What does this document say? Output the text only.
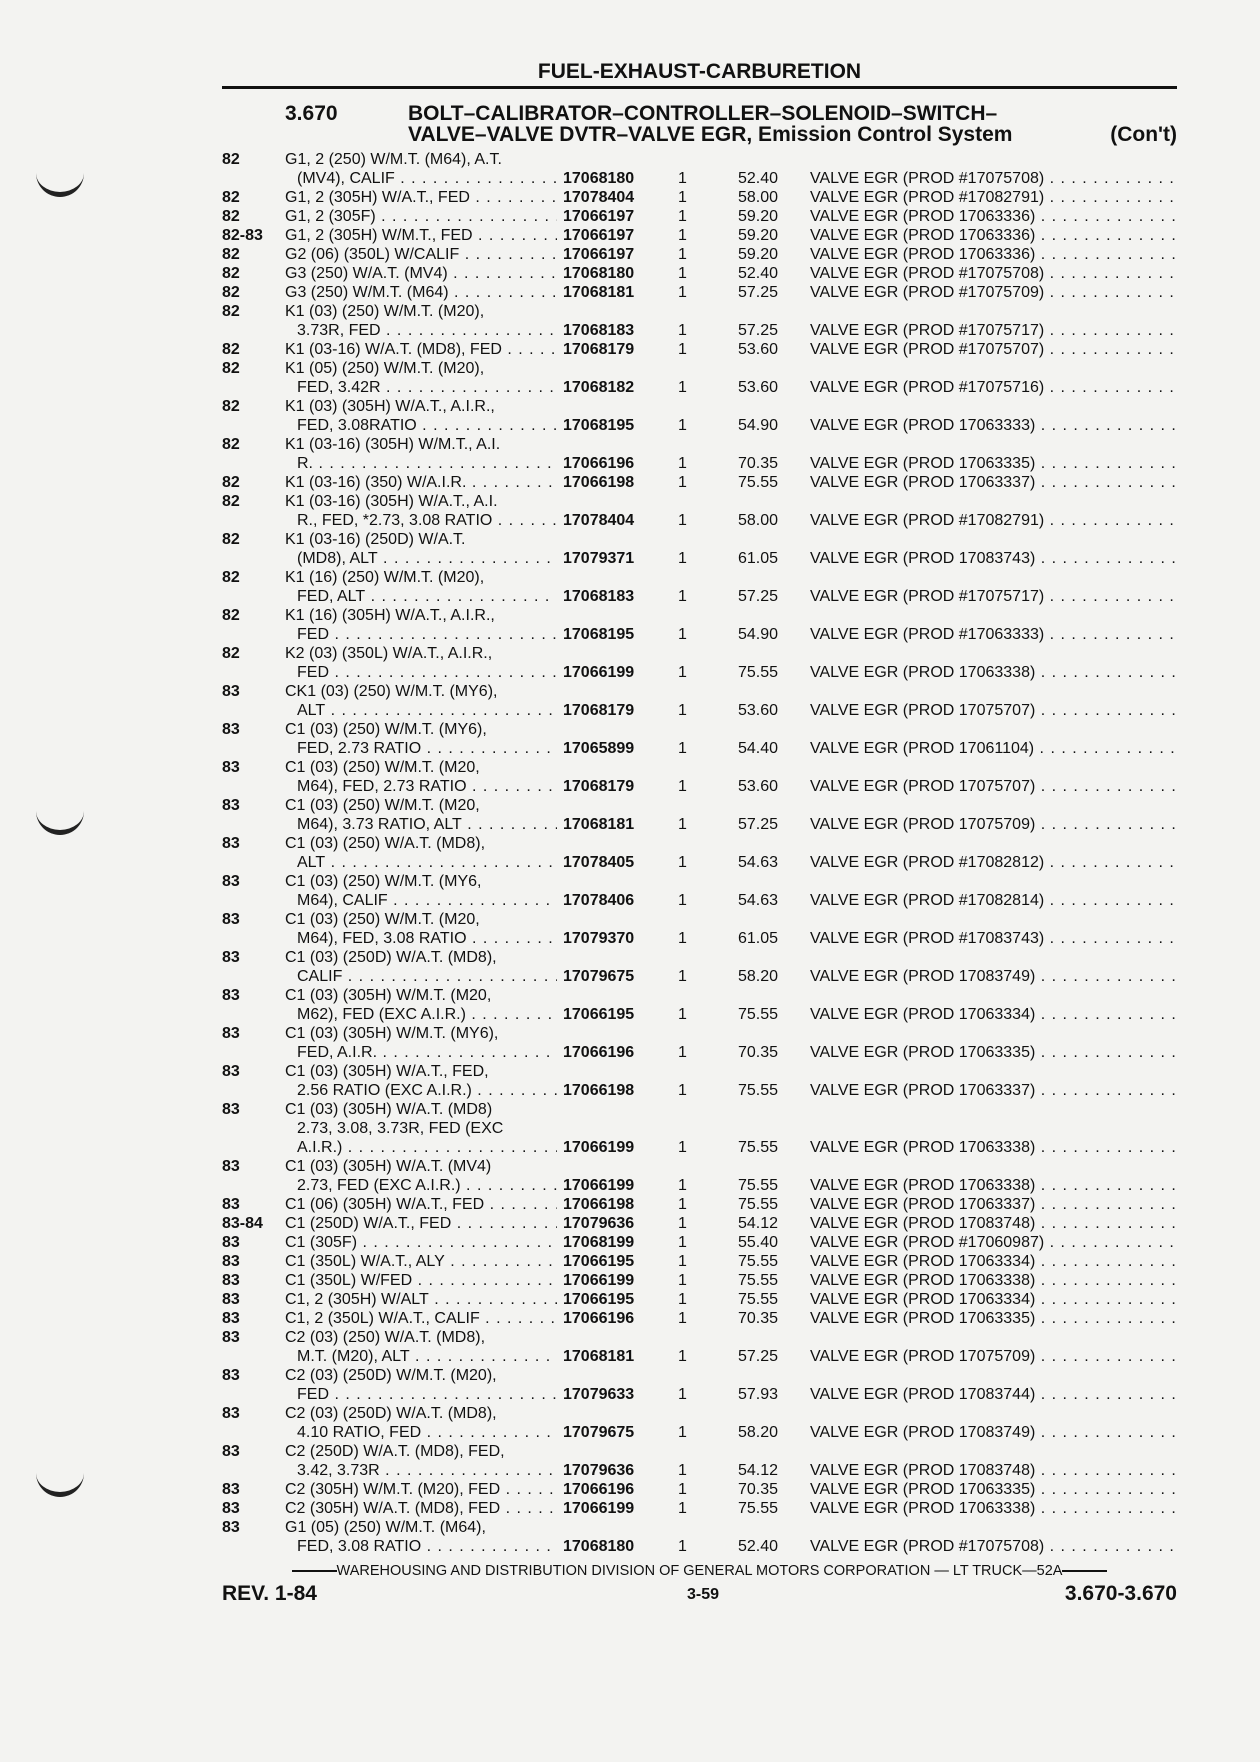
FUEL-EXHAUST-CARBURETION
3.670	BOLT–CALIBRATOR–CONTROLLER–SOLENOID–SWITCH–
VALVE–VALVE DVTR–VALVE EGR, Emission Control System	(Con't)
82	G1, 2 (250) W/M.T. (M64), A.T.
(MV4), CALIF . . .	17068180	1	52.40 VALVE EGR (PROD #17075708) . . .
82	G1, 2 (305H) W/A.T., FED . . .	17078404	1	58.00 VALVE EGR (PROD #17082791) . . .
82	G1, 2 (305F) . . .	17066197	1	59.20 VALVE EGR (PROD 17063336) . . .
82-83 G1, 2 (305H) W/M.T., FED . . .	17066197	1	59.20 VALVE EGR (PROD 17063336) . . .
82	G2 (06) (350L) W/CALIF . . .	17066197	1	59.20 VALVE EGR (PROD 17063336) . . .
82	G3 (250) W/A.T. (MV4) . . .	17068180	1	52.40 VALVE EGR (PROD #17075708) . . .
82	G3 (250) W/M.T. (M64) . . .	17068181	1	57.25 VALVE EGR (PROD #17075709) . . .
82	K1 (03) (250) W/M.T. (M20),
3.73R, FED . . .	17068183	1	57.25 VALVE EGR (PROD #17075717) . . .
82	K1 (03-16) W/A.T. (MD8), FED . . .	17068179	1	53.60 VALVE EGR (PROD #17075707) . . .
82	K1 (05) (250) W/M.T. (M20),
FED, 3.42R . . .	17068182	1	53.60 VALVE EGR (PROD #17075716) . . .
82	K1 (03) (305H) W/A.T., A.I.R.,
FED, 3.08RATIO . . .	17068195	1	54.90 VALVE EGR (PROD 17063333) . . .
82	K1 (03-16) (305H) W/M.T., A.I.
R. . . .	17066196	1	70.35 VALVE EGR (PROD 17063335) . . .
82	K1 (03-16) (350) W/A.I.R. . . .	17066198	1	75.55 VALVE EGR (PROD 17063337) . . .
82	K1 (03-16) (305H) W/A.T., A.I.
R., FED, *2.73, 3.08 RATIO . . .	17078404	1	58.00 VALVE EGR (PROD #17082791) . . .
82	K1 (03-16) (250D) W/A.T.
(MD8), ALT . . .	17079371	1	61.05 VALVE EGR (PROD 17083743) . . .
82	K1 (16) (250) W/M.T. (M20),
FED, ALT . . .	17068183	1	57.25 VALVE EGR (PROD #17075717) . . .
82	K1 (16) (305H) W/A.T., A.I.R.,
FED . . .	17068195	1	54.90 VALVE EGR (PROD #17063333) . . .
82	K2 (03) (350L) W/A.T., A.I.R.,
FED . . .	17066199	1	75.55 VALVE EGR (PROD 17063338) . . .
83	CK1 (03) (250) W/M.T. (MY6),
ALT . . .	17068179	1	53.60 VALVE EGR (PROD 17075707) . . .
83	C1 (03) (250) W/M.T. (MY6),
FED, 2.73 RATIO . . .	17065899	1	54.40 VALVE EGR (PROD 17061104) . . .
83	C1 (03) (250) W/M.T. (M20,
M64), FED, 2.73 RATIO . . .	17068179	1	53.60 VALVE EGR (PROD 17075707) . . .
83	C1 (03) (250) W/M.T. (M20,
M64), 3.73 RATIO, ALT . . .	17068181	1	57.25 VALVE EGR (PROD 17075709) . . .
83	C1 (03) (250) W/A.T. (MD8),
ALT . . .	17078405	1	54.63 VALVE EGR (PROD #17082812) . . .
83	C1 (03) (250) W/M.T. (MY6,
M64), CALIF . . .	17078406	1	54.63 VALVE EGR (PROD #17082814) . . .
83	C1 (03) (250) W/M.T. (M20,
M64), FED, 3.08 RATIO . . .	17079370	1	61.05 VALVE EGR (PROD #17083743) . . .
83	C1 (03) (250D) W/A.T. (MD8),
CALIF . . .	17079675	1	58.20 VALVE EGR (PROD 17083749) . . .
83	C1 (03) (305H) W/M.T. (M20,
M62), FED (EXC A.I.R.) . . .	17066195	1	75.55 VALVE EGR (PROD 17063334) . . .
83	C1 (03) (305H) W/M.T. (MY6),
FED, A.I.R. . . .	17066196	1	70.35 VALVE EGR (PROD 17063335) . . .
83	C1 (03) (305H) W/A.T., FED,
2.56 RATIO (EXC A.I.R.) . . .	17066198	1	75.55 VALVE EGR (PROD 17063337) . . .
83	C1 (03) (305H) W/A.T. (MD8)
2.73, 3.08, 3.73R, FED (EXC
A.I.R.) . . .	17066199	1	75.55 VALVE EGR (PROD 17063338) . . .
83	C1 (03) (305H) W/A.T. (MV4)
2.73, FED (EXC A.I.R.) . . .	17066199	1	75.55 VALVE EGR (PROD 17063338) . . .
83	C1 (06) (305H) W/A.T., FED . . .	17066198	1	75.55 VALVE EGR (PROD 17063337) . . .
83-84 C1 (250D) W/A.T., FED . . .	17079636	1	54.12 VALVE EGR (PROD 17083748) . . .
83	C1 (305F) . . .	17068199	1	55.40 VALVE EGR (PROD #17060987) . . .
83	C1 (350L) W/A.T., ALY . . .	17066195	1	75.55 VALVE EGR (PROD 17063334) . . .
83	C1 (350L) W/FED . . .	17066199	1	75.55 VALVE EGR (PROD 17063338) . . .
83	C1, 2 (305H) W/ALT . . .	17066195	1	75.55 VALVE EGR (PROD 17063334) . . .
83	C1, 2 (350L) W/A.T., CALIF . . .	17066196	1	70.35 VALVE EGR (PROD 17063335) . . .
83	C2 (03) (250) W/A.T. (MD8),
M.T. (M20), ALT . . .	17068181	1	57.25 VALVE EGR (PROD 17075709) . . .
83	C2 (03) (250D) W/M.T. (M20),
FED . . .	17079633	1	57.93 VALVE EGR (PROD 17083744) . . .
83	C2 (03) (250D) W/A.T. (MD8),
4.10 RATIO, FED . . .	17079675	1	58.20 VALVE EGR (PROD 17083749) . . .
83	C2 (250D) W/A.T. (MD8), FED,
3.42, 3.73R . . .	17079636	1	54.12 VALVE EGR (PROD 17083748) . . .
83	C2 (305H) W/M.T. (M20), FED . . .	17066196	1	70.35 VALVE EGR (PROD 17063335) . . .
83	C2 (305H) W/A.T. (MD8), FED . . .	17066199	1	75.55 VALVE EGR (PROD 17063338) . . .
83	G1 (05) (250) W/M.T. (M64),
FED, 3.08 RATIO . . .	17068180	1	52.40 VALVE EGR (PROD #17075708) . . .
WAREHOUSING AND DISTRIBUTION DIVISION OF GENERAL MOTORS CORPORATION — LT TRUCK—52A
REV. 1-84	3-59	3.670-3.670
